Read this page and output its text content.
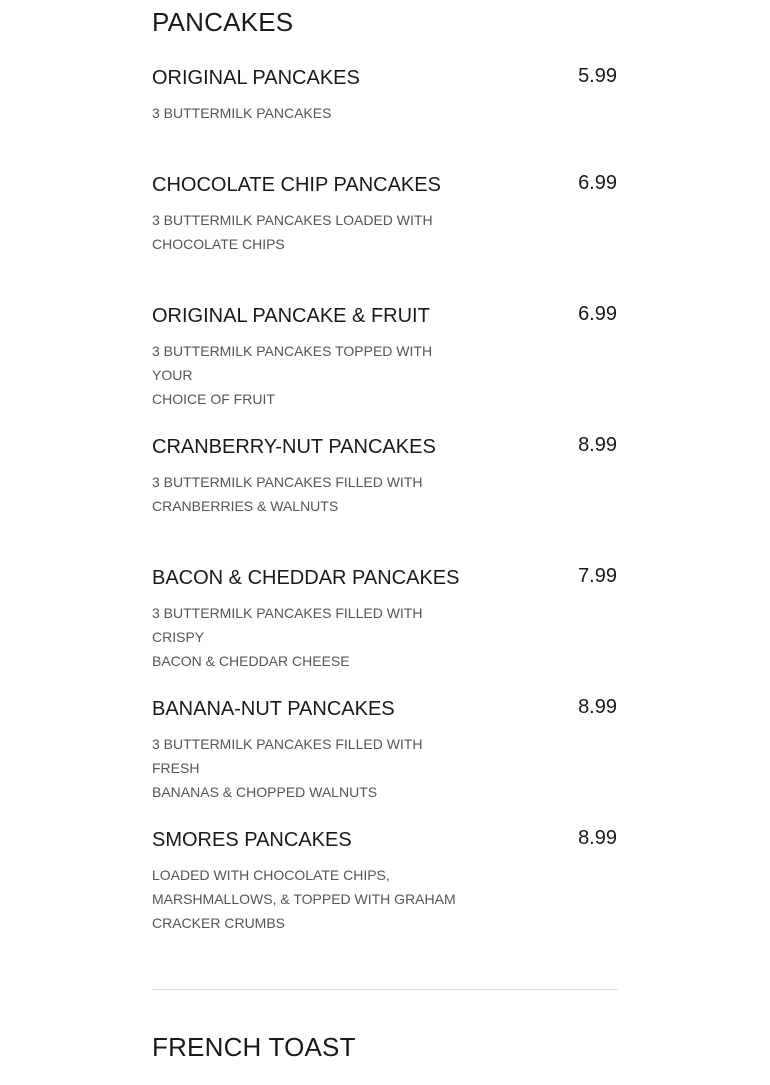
PANCAKES
ORIGINAL PANCAKES	5.99
3 BUTTERMILK PANCAKES
CHOCOLATE CHIP PANCAKES	6.99
3 BUTTERMILK PANCAKES LOADED WITH
CHOCOLATE CHIPS
ORIGINAL PANCAKE & FRUIT	6.99
3 BUTTERMILK PANCAKES TOPPED WITH YOUR
CHOICE OF FRUIT
CRANBERRY-NUT PANCAKES	8.99
3 BUTTERMILK PANCAKES FILLED WITH
CRANBERRIES & WALNUTS
BACON & CHEDDAR PANCAKES	7.99
3 BUTTERMILK PANCAKES FILLED WITH CRISPY
BACON & CHEDDAR CHEESE
BANANA-NUT PANCAKES	8.99
3 BUTTERMILK PANCAKES FILLED WITH FRESH
BANANAS & CHOPPED WALNUTS
SMORES PANCAKES	8.99
LOADED WITH CHOCOLATE CHIPS,
MARSHMALLOWS, & TOPPED WITH GRAHAM
CRACKER CRUMBS
FRENCH TOAST
